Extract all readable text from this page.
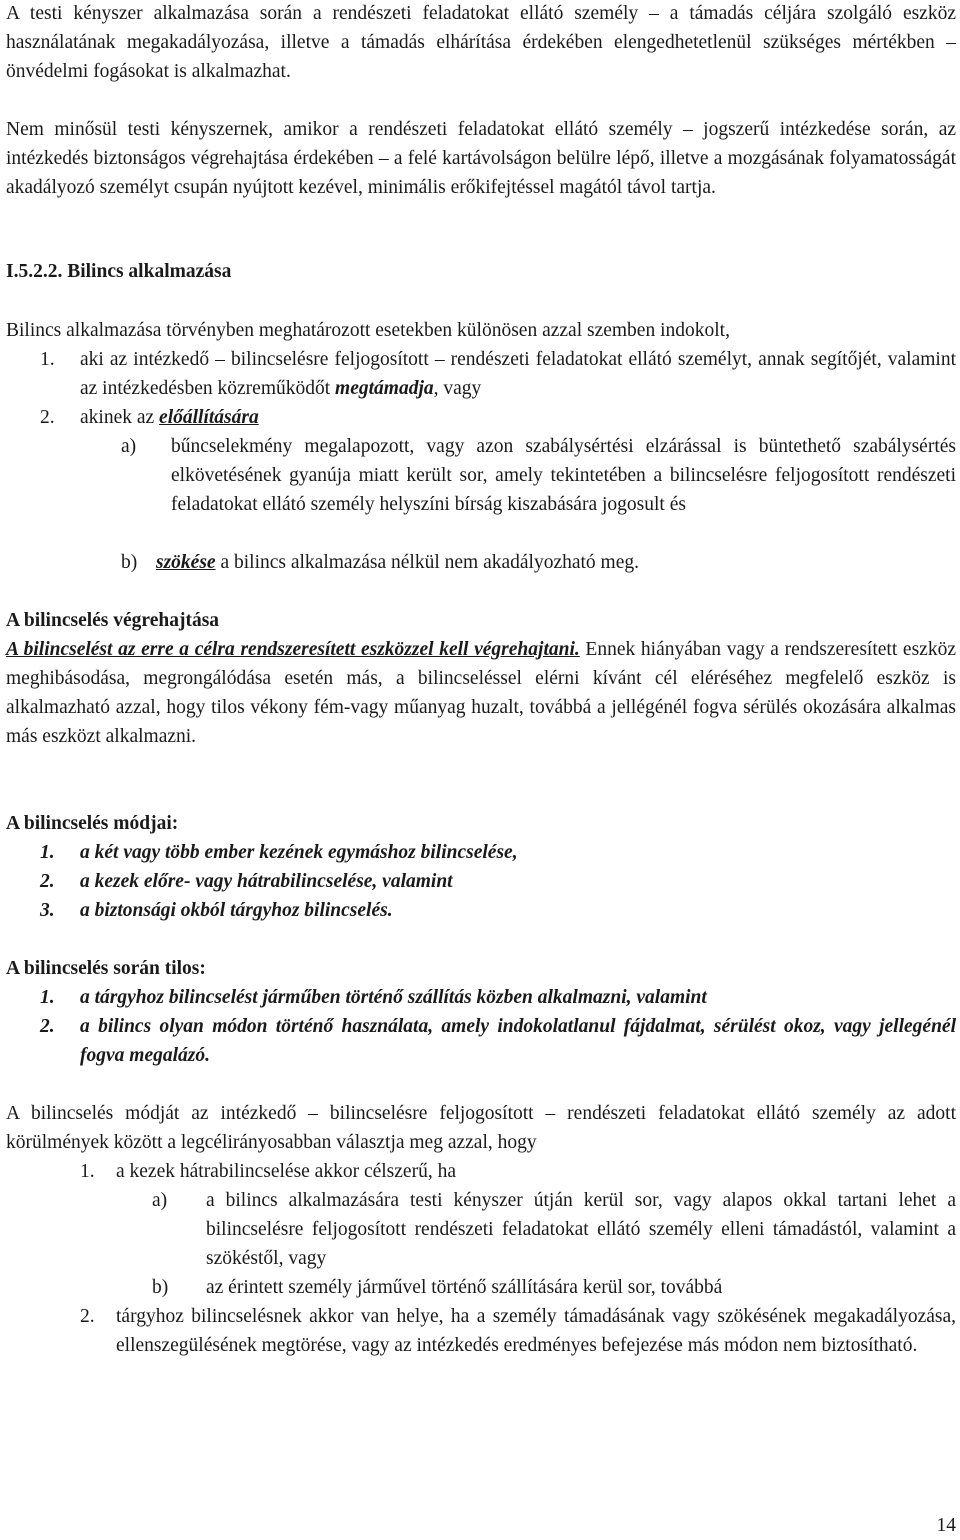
A testi kényszer alkalmazása során a rendészeti feladatokat ellátó személy – a támadás céljára szolgáló eszköz használatának megakadályozása, illetve a támadás elhárítása érdekében elengedhetetlenül szükséges mértékben – önvédelmi fogásokat is alkalmazhat.

Nem minősül testi kényszernek, amikor a rendészeti feladatokat ellátó személy – jogszerű intézkedése során, az intézkedés biztonságos végrehajtása érdekében – a felé kartávolságon belülre lépő, illetve a mozgásának folyamatosságát akadályozó személyt csupán nyújtott kezével, minimális erőkifejtéssel magától távol tartja.

I.5.2.2. Bilincs alkalmazása
Bilincs alkalmazása törvényben meghatározott esetekben különösen azzal szemben indokolt,
1.	aki az intézkedő – bilincselésre feljogosított – rendészeti feladatokat ellátó személyt, annak segítőjét, valamint az intézkedésben közreműködőt megtámadja, vagy

2.	akinek az előállítására

a)	bűncselekmény megalapozott, vagy azon szabálysértési elzárással is büntethető szabálysértés elkövetésének gyanúja miatt került sor, amely tekintetében a bilincselésre feljogosított rendészeti feladatokat ellátó személy helyszíni bírság kiszabására jogosult és

b) szökése a bilincs alkalmazása nélkül nem akadályozható meg.

A bilincselés végrehajtása

A bilincselést az erre a célra rendszeresített eszközzel kell végrehajtani. Ennek hiányában vagy a rendszeresített eszköz meghibásodása, megrongálódása esetén más, a bilincseléssel elérni kívánt cél eléréséhez megfelelő eszköz is alkalmazható azzal, hogy tilos vékony fém-vagy műanyag huzalt, továbbá a jellégénél fogva sérülés okozására alkalmas más eszközt alkalmazni.

A bilincselés módjai:
1.	a két vagy több ember kezének egymáshoz bilincselése,
2.	a kezek előre- vagy hátrabilincselése, valamint
3.	a biztonsági okból tárgyhoz bilincselés.
A bilincselés során tilos:
1.	a tárgyhoz bilincselést járműben történő szállítás közben alkalmazni, valamint
2.	a bilincs olyan módon történő használata, amely indokolatlanul fájdalmat, sérülést okoz, vagy jellegénél fogva megalázó.

A bilincselés módját az intézkedő – bilincselésre feljogosított – rendészeti feladatokat ellátó személy az adott körülmények között a legcélirányosabban választja meg azzal, hogy

1.	a kezek hátrabilincselése akkor célszerű, ha
a)	a bilincs alkalmazására testi kényszer útján kerül sor, vagy alapos okkal tartani lehet a bilincselésre feljogosított rendészeti feladatokat ellátó személy elleni támadástól, valamint a szökéstől, vagy

b)	az érintett személy járművel történő szállítására kerül sor, továbbá
2.	tárgyhoz bilincselésnek akkor van helye, ha a személy támadásának vagy szökésének megakadályozása, ellenszegülésének megtörése, vagy az intézkedés eredményes befejezése más módon nem biztosítható.

14
